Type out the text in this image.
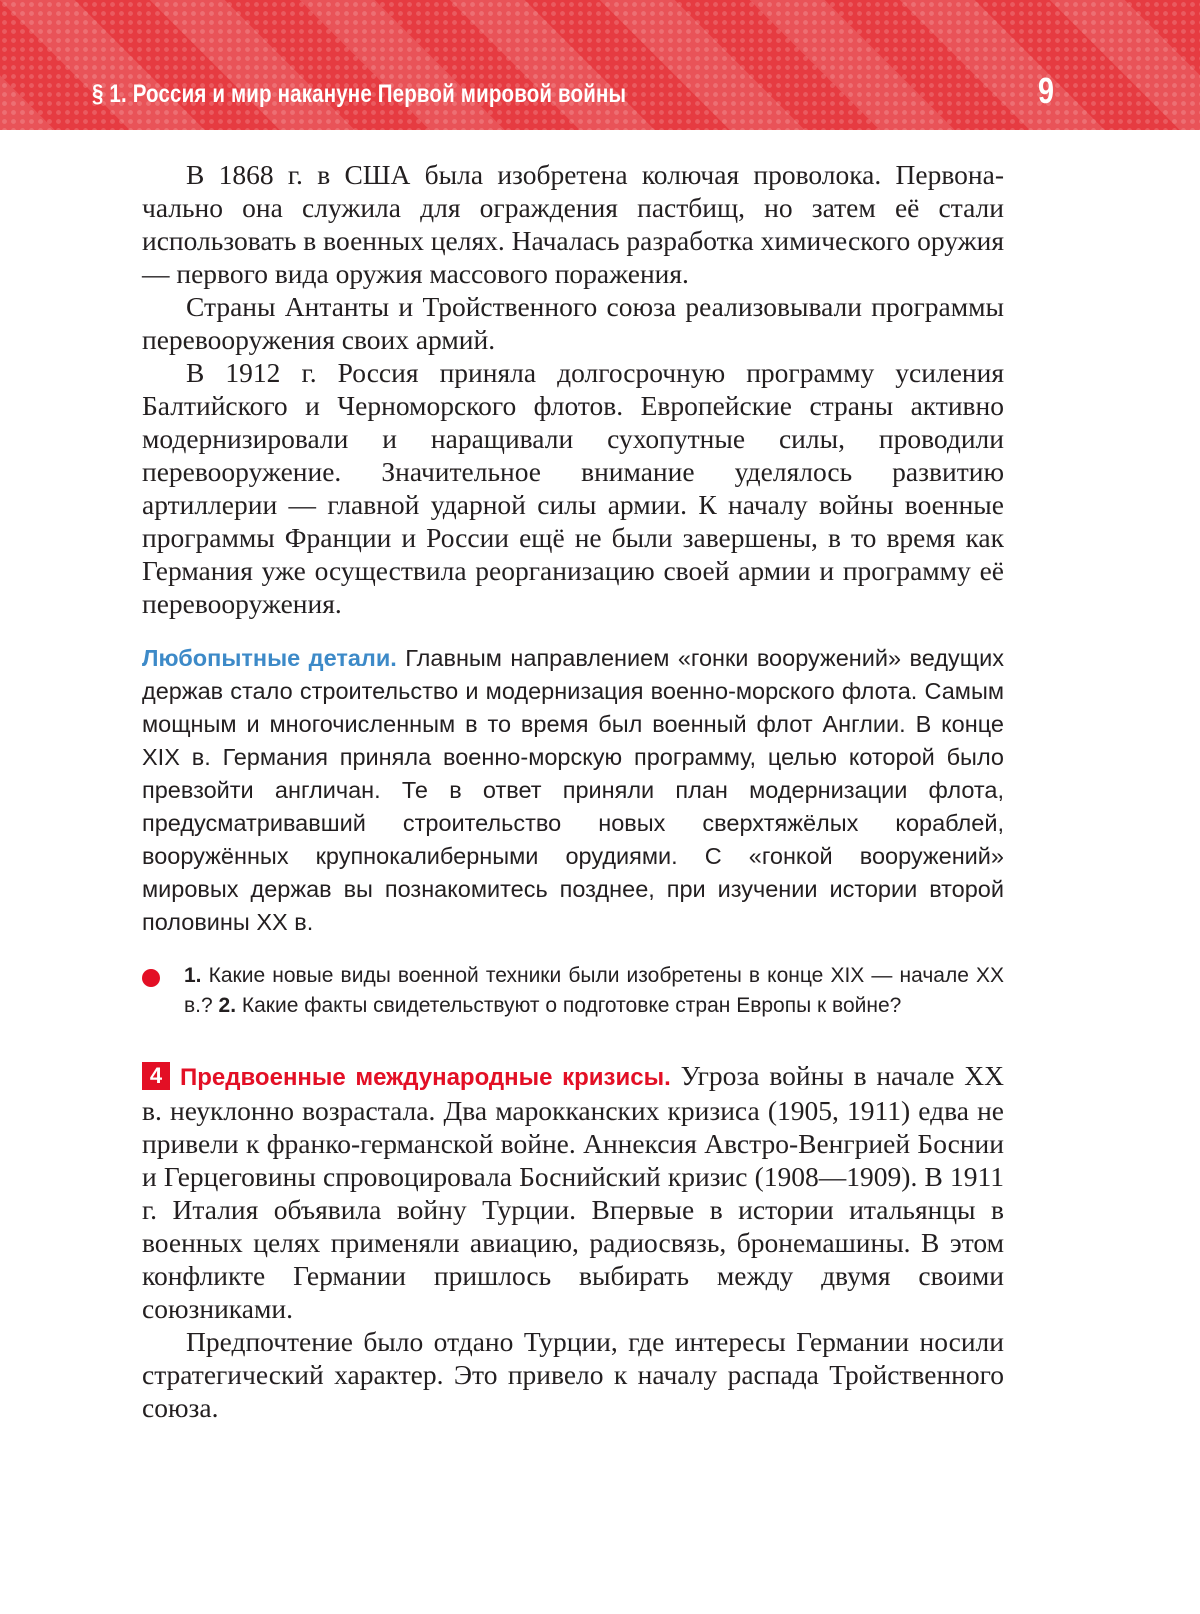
§ 1. Россия и мир накануне Первой мировой войны	9

В 1868 г. в США была изобретена колючая проволока. Первоначально она служила для ограждения пастбищ, но затем её стали использовать в военных целях. Началась разработка химического оружия — первого вида оружия массового поражения.

Страны Антанты и Тройственного союза реализовывали программы перевооружения своих армий.

В 1912 г. Россия приняла долгосрочную программу усиления Балтийского и Черноморского флотов. Европейские страны активно модернизировали и наращивали сухопутные силы, проводили перевооружение. Значительное внимание уделялось развитию артиллерии — главной ударной силы армии. К началу войны военные программы Франции и России ещё не были завершены, в то время как Германия уже осуществила реорганизацию своей армии и программу её перевооружения.

Любопытные детали. Главным направлением «гонки вооружений» ведущих держав стало строительство и модернизация военно-морского флота. Самым мощным и многочисленным в то время был военный флот Англии. В конце XIX в. Германия приняла военно-морскую программу, целью которой было превзойти англичан. Те в ответ приняли план модернизации флота, предусматривавший строительство новых сверхтяжёлых кораблей, вооружённых крупнокалиберными орудиями. С «гонкой вооружений» мировых держав вы познакомитесь позднее, при изучении истории второй половины XX в.

1. Какие новые виды военной техники были изобретены в конце XIX — начале XX в.? 2. Какие факты свидетельствуют о подготовке стран Европы к войне?

4 Предвоенные международные кризисы. Угроза войны в начале XX в. неуклонно возрастала. Два марокканских кризиса (1905, 1911) едва не привели к франко-германской войне. Аннексия Австро-Венгрией Боснии и Герцеговины спровоцировала Боснийский кризис (1908—1909). В 1911 г. Италия объявила войну Турции. Впервые в истории итальянцы в военных целях применяли авиацию, радиосвязь, бронемашины. В этом конфликте Германии пришлось выбирать между двумя своими союзниками.

Предпочтение было отдано Турции, где интересы Германии носили стратегический характер. Это привело к началу распада Тройственного союза.
